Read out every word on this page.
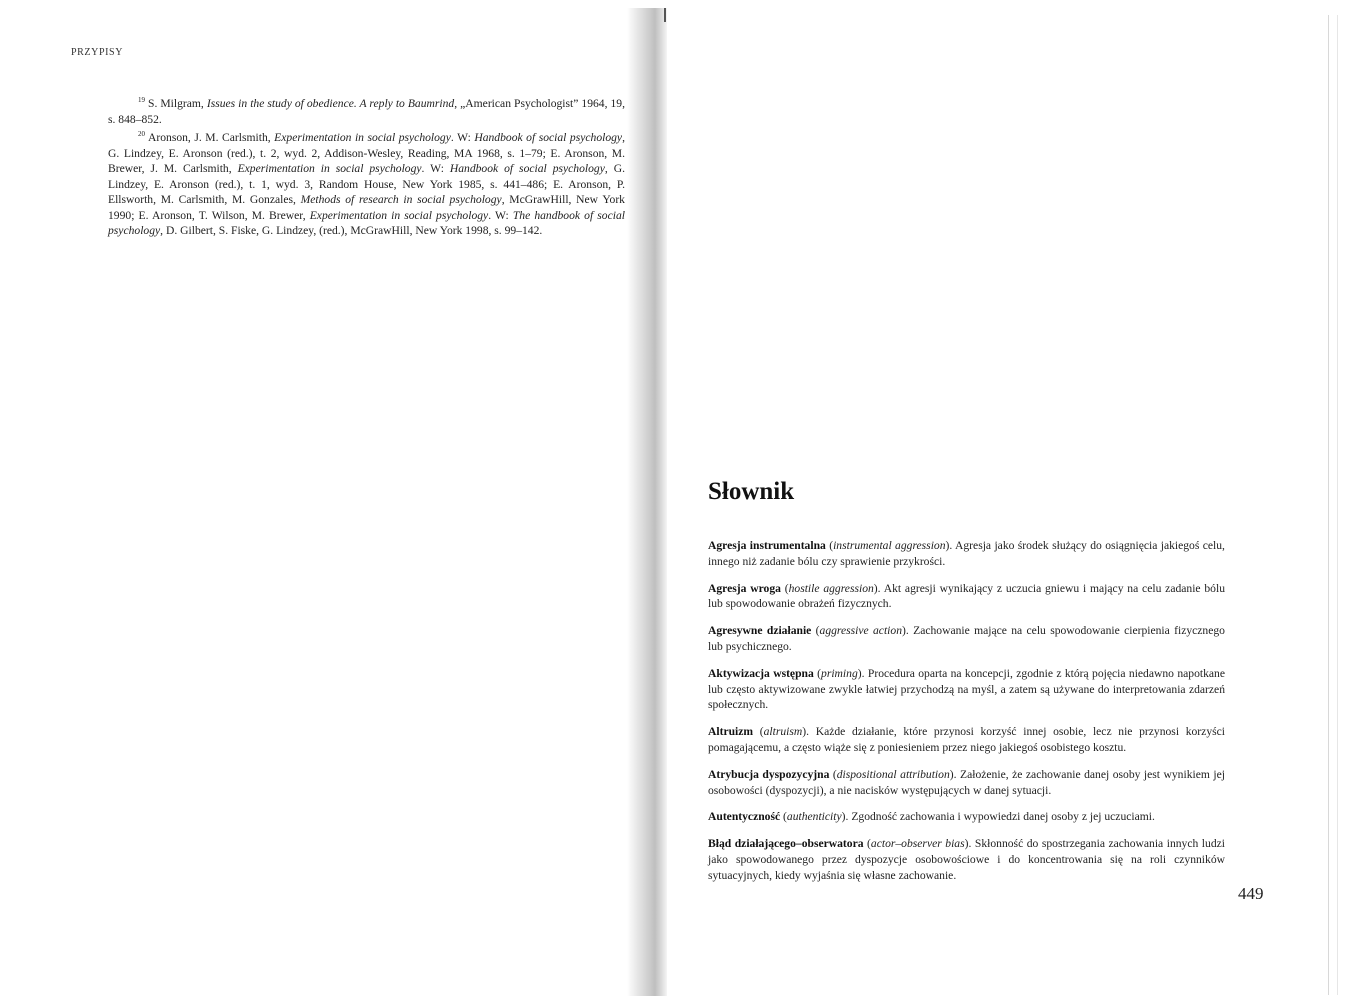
PRZYPISY

$^{19}$ S. Milgram, Issues in the study of obedience. A reply to Baumrind, „American Psychologist” 1964, 19, s. 848–852.

$^{20}$ Aronson, J. M. Carlsmith, Experimentation in social psychology. W: Handbook of social psychology, G. Lindzey, E. Aronson (red.), t. 2, wyd. 2, Addison-Wesley, Reading, MA 1968, s. 1–79; E. Aronson, M. Brewer, J. M. Carlsmith, Experimentation in social psychology. W: Handbook of social psychology, G. Lindzey, E. Aronson (red.), t. 1, wyd. 3, Random House, New York 1985, s. 441–486; E. Aronson, P. Ellsworth, M. Carlsmith, M. Gonzales, Methods of research in social psychology, McGrawHill, New York 1990; E. Aronson, T. Wilson, M. Brewer, Experimentation in social psychology. W: The handbook of social psychology, D. Gilbert, S. Fiske, G. Lindzey, (red.), McGrawHill, New York 1998, s. 99–142.

Słownik

Agresja instrumentalna (instrumental aggression). Agresja jako środek służący do osiągnięcia jakiegoś celu, innego niż zadanie bólu czy sprawienie przykrości.

Agresja wroga (hostile aggression). Akt agresji wynikający z uczucia gniewu i mający na celu zadanie bólu lub spowodowanie obrażeń fizycznych.

Agresywne działanie (aggressive action). Zachowanie mające na celu spowodowanie cierpienia fizycznego lub psychicznego.

Aktywizacja wstępna (priming). Procedura oparta na koncepcji, zgodnie z którą pojęcia niedawno napotkane lub często aktywizowane zwykle łatwiej przychodzą na myśl, a zatem są używane do interpretowania zdarzeń społecznych.

Altruizm (altruism). Każde działanie, które przynosi korzyść innej osobie, lecz nie przynosi korzyści pomagającemu, a często wiąże się z poniesieniem przez niego jakiegoś osobistego kosztu.

Atrybucja dyspozycyjna (dispositional attribution). Założenie, że zachowanie danej osoby jest wynikiem jej osobowości (dyspozycji), a nie nacisków występujących w danej sytuacji.

Autentyczność (authenticity). Zgodność zachowania i wypowiedzi danej osoby z jej uczuciami.

Błąd działającego–obserwatora (actor–observer bias). Skłonność do spostrzegania zachowania innych ludzi jako spowodowanego przez dyspozycje osobowościowe i do koncentrowania się na roli czynników sytuacyjnych, kiedy wyjaśnia się własne zachowanie.

449
